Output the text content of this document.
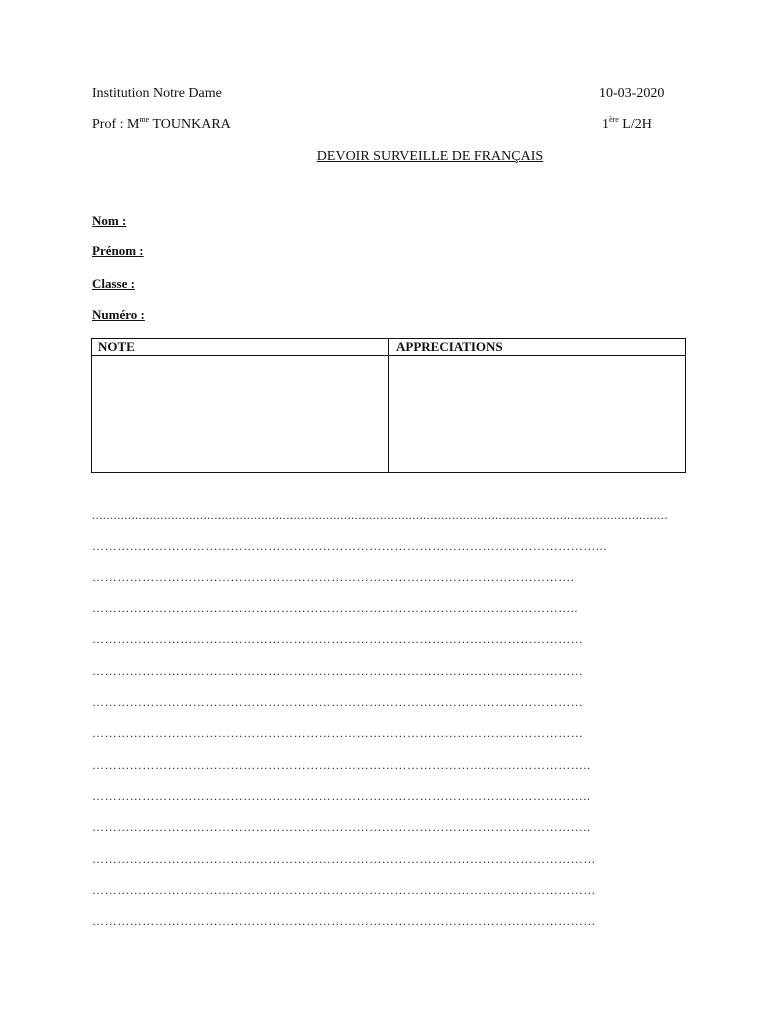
Institution Notre Dame	10-03-2020
Prof : $M^{me}$ TOUNKARA	1ère L/2H
DEVOIR SURVEILLE DE FRANÇAIS
Nom :
Prénom :
Classe :
Numéro :
NOTE	APPRECIATIONS
................................................................................................................................................................
…………………………………………………………………………………………………………...
…………………………………………………………………………………………………….
……………………………………………………………………………………………………..
………………………………………………………………………………………………………
………………………………………………………………………………………………………
………………………………………………………………………………………………………
………………………………………………………………………………………………………
………………………………………………………………………………………………………..
………………………………………………………………………………………………………..
………………………………………………………………………………………………………..
…………………………………………………………………………………………………………
…………………………………………………………………………………………………………
…………………………………………………………………………………………………………
